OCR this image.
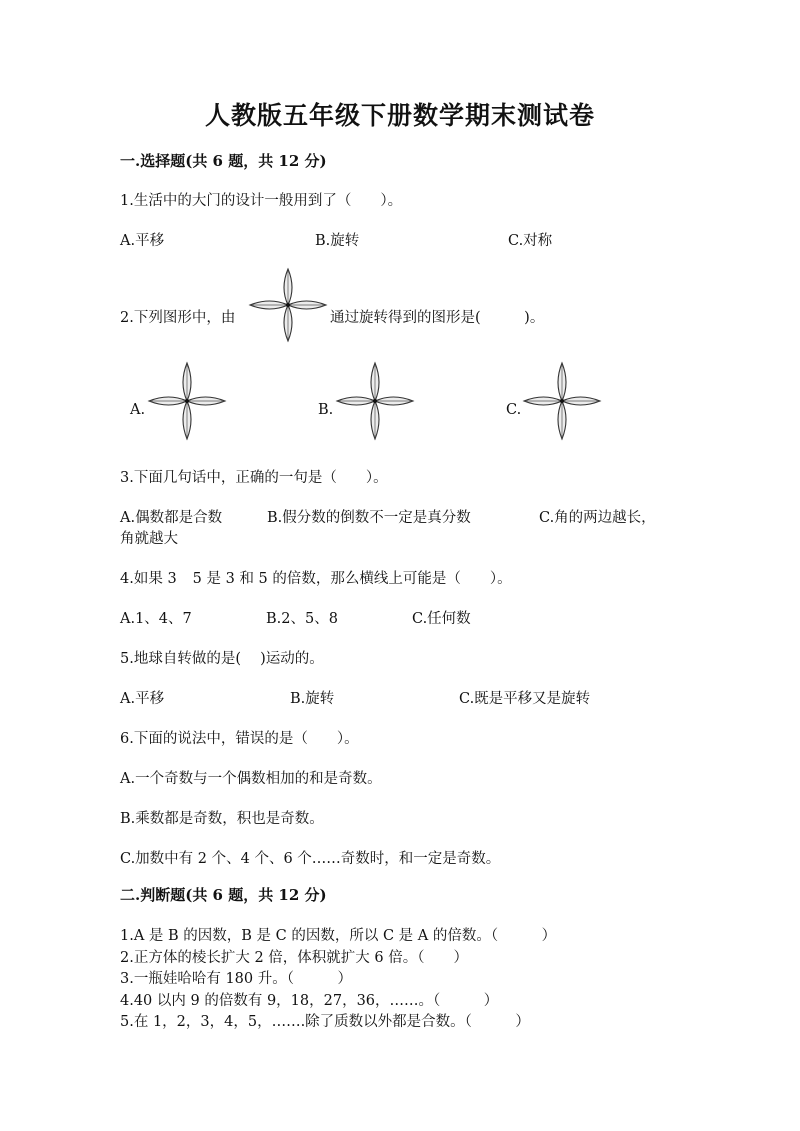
人教版五年级下册数学期末测试卷
一.选择题(共 6 题，共 12 分)
1.生活中的大门的设计一般用到了（　　）。
A.平移	B.旋转	C.对称
2.下列图形中，由	通过旋转得到的图形是(　　　)。
A.	B.	C.
3.下面几句话中，正确的一句是（　　）。
A.偶数都是合数	B.假分数的倒数不一定是真分数	C.角的两边越长，
角就越大
4.如果 3 5 是 3 和 5 的倍数，那么横线上可能是（　　）。
A.1、4、7	B.2、5、8	C.任何数
5.地球自转做的是(　 )运动的。
A.平移	B.旋转	C.既是平移又是旋转
6.下面的说法中，错误的是（　　）。
A.一个奇数与一个偶数相加的和是奇数。
B.乘数都是奇数，积也是奇数。
C.加数中有 2 个、4 个、6 个……奇数时，和一定是奇数。
二.判断题(共 6 题，共 12 分)
1.A 是 B 的因数，B 是 C 的因数，所以 C 是 A 的倍数。（　　　）
2.正方体的棱长扩大 2 倍，体积就扩大 6 倍。（　　）
3.一瓶娃哈哈有 180 升。（　　　）
4.40 以内 9 的倍数有 9，18，27，36，……。（　　　）
5.在 1，2，3，4，5，…….除了质数以外都是合数。（　　　）
